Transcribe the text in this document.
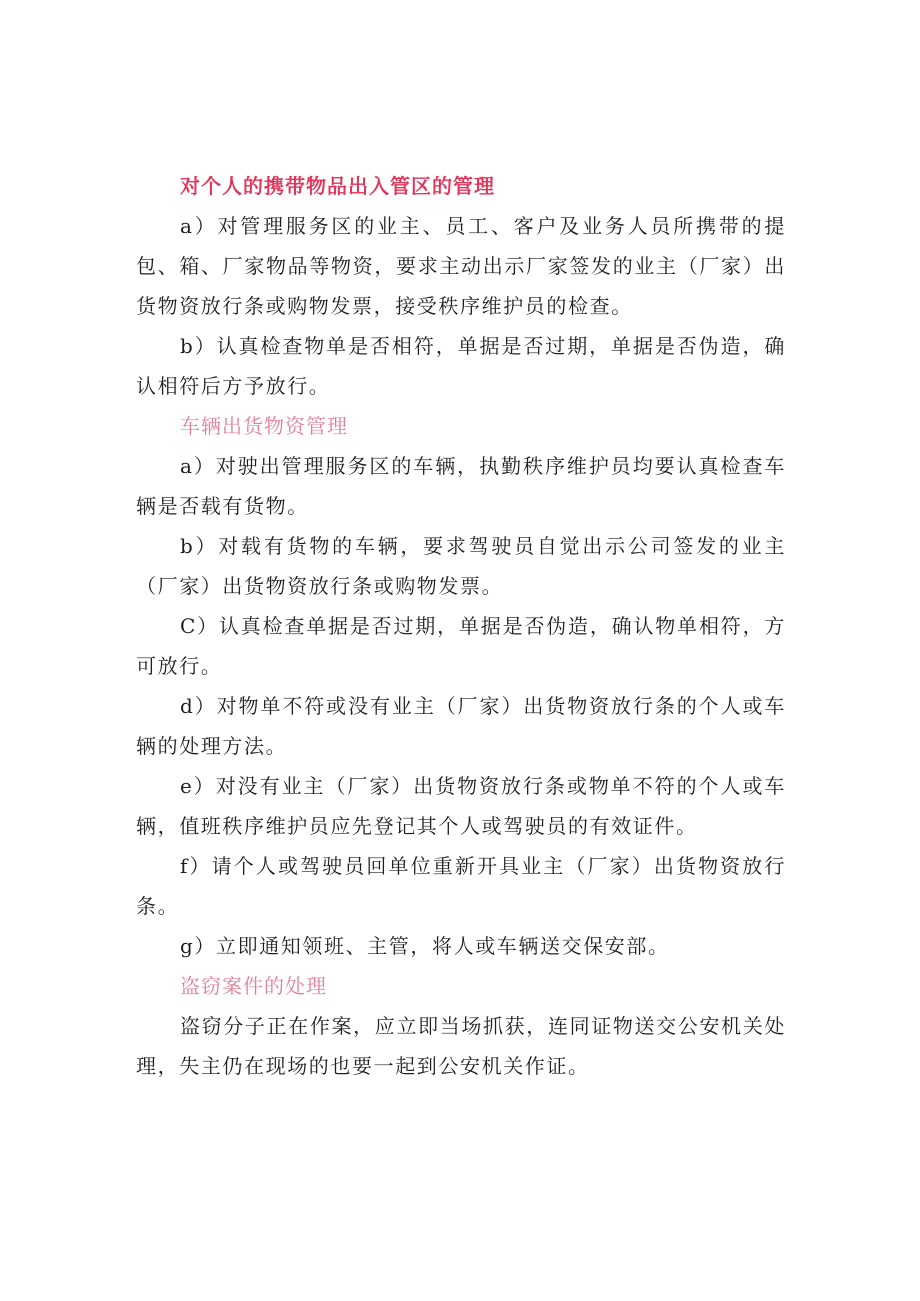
对个人的携带物品出入管区的管理

a）对管理服务区的业主、员工、客户及业务人员所携带的提包、箱、厂家物品等物资，要求主动出示厂家签发的业主（厂家）出货物资放行条或购物发票，接受秩序维护员的检查。

b）认真检查物单是否相符，单据是否过期，单据是否伪造，确认相符后方予放行。

车辆出货物资管理

a）对驶出管理服务区的车辆，执勤秩序维护员均要认真检查车辆是否载有货物。

b）对载有货物的车辆，要求驾驶员自觉出示公司签发的业主（厂家）出货物资放行条或购物发票。

C）认真检查单据是否过期，单据是否伪造，确认物单相符，方可放行。

d）对物单不符或没有业主（厂家）出货物资放行条的个人或车辆的处理方法。

e）对没有业主（厂家）出货物资放行条或物单不符的个人或车辆，值班秩序维护员应先登记其个人或驾驶员的有效证件。

f）请个人或驾驶员回单位重新开具业主（厂家）出货物资放行条。

g）立即通知领班、主管，将人或车辆送交保安部。

盗窃案件的处理

盗窃分子正在作案，应立即当场抓获，连同证物送交公安机关处理，失主仍在现场的也要一起到公安机关作证。
